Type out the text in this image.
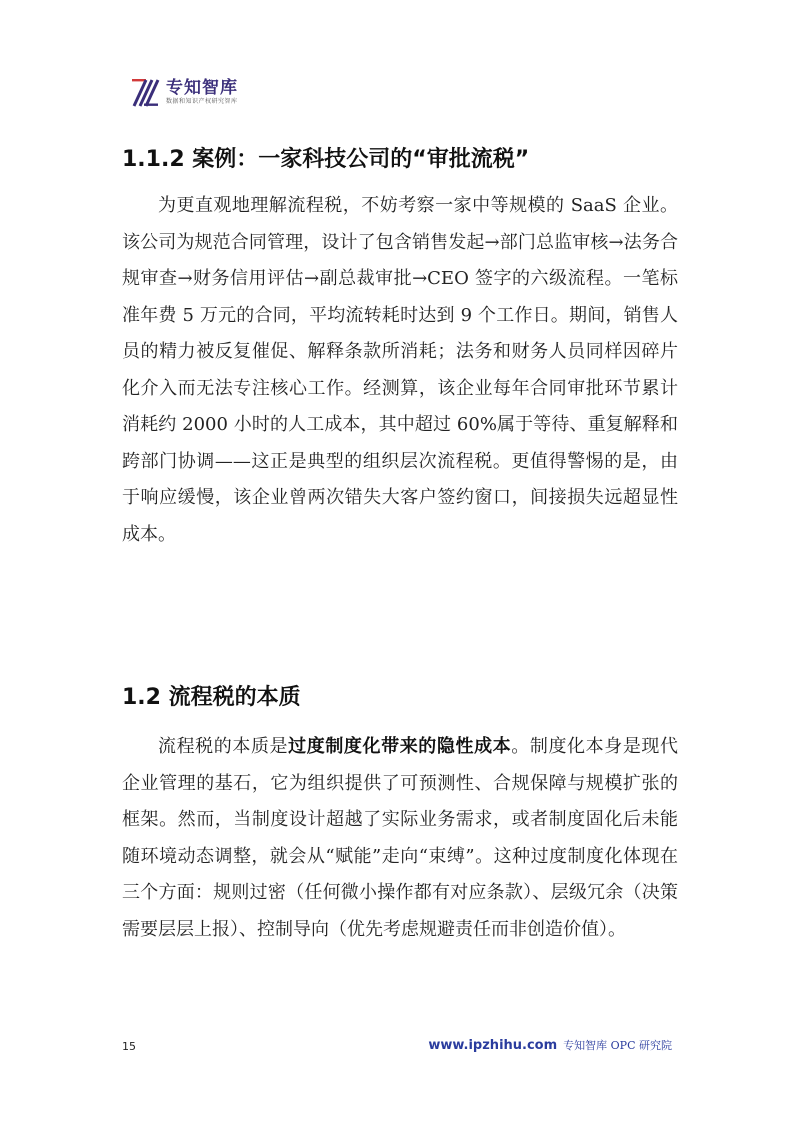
专知智库
数据和知识产权研究智库
1.1.2 案例：一家科技公司的“审批流税”

为更直观地理解流程税，不妨考察一家中等规模的 SaaS 企业。该公司为规范合同管理，设计了包含销售发起→部门总监审核→法务合规审查→财务信用评估→副总裁审批→CEO 签字的六级流程。一笔标准年费 5 万元的合同，平均流转耗时达到 9 个工作日。期间，销售人员的精力被反复催促、解释条款所消耗；法务和财务人员同样因碎片化介入而无法专注核心工作。经测算，该企业每年合同审批环节累计消耗约 2000 小时的人工成本，其中超过 60%属于等待、重复解释和跨部门协调——这正是典型的组织层次流程税。更值得警惕的是，由于响应缓慢，该企业曾两次错失大客户签约窗口，间接损失远超显性成本。

1.2 流程税的本质

流程税的本质是过度制度化带来的隐性成本。制度化本身是现代企业管理的基石，它为组织提供了可预测性、合规保障与规模扩张的框架。然而，当制度设计超越了实际业务需求，或者制度固化后未能随环境动态调整，就会从“赋能”走向“束缚”。这种过度制度化体现在三个方面：规则过密（任何微小操作都有对应条款）、层级冗余（决策需要层层上报）、控制导向（优先考虑规避责任而非创造价值）。

15	www.ipzhihu.com 专知智库 OPC 研究院
